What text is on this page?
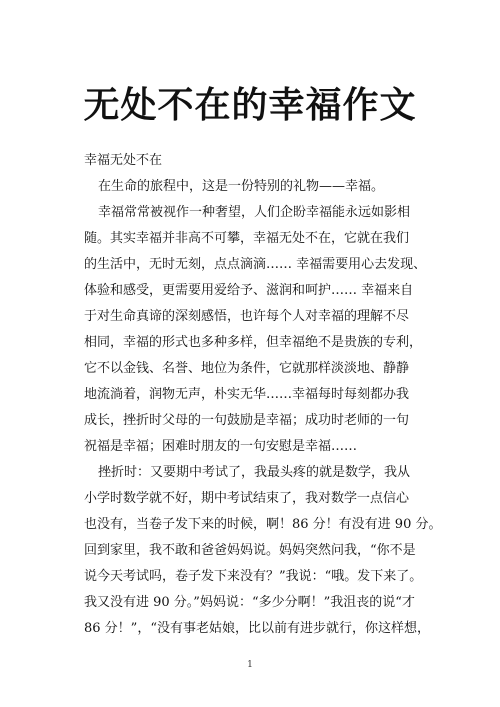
无处不在的幸福作文
幸福无处不在
在生命的旅程中，这是一份特别的礼物——幸福。
幸福常常被视作一种奢望，人们企盼幸福能永远如影相
随。其实幸福并非高不可攀，幸福无处不在，它就在我们
的生活中，无时无刻，点点滴滴…… 幸福需要用心去发现、
体验和感受，更需要用爱给予、滋润和呵护…… 幸福来自
于对生命真谛的深刻感悟，也许每个人对幸福的理解不尽
相同，幸福的形式也多种多样，但幸福绝不是贵族的专利，
它不以金钱、名誉、地位为条件，它就那样淡淡地、静静
地流淌着，润物无声，朴实无华……幸福每时每刻都办我
成长，挫折时父母的一句鼓励是幸福；成功时老师的一句
祝福是幸福；困难时朋友的一句安慰是幸福……
挫折时：又要期中考试了，我最头疼的就是数学，我从
小学时数学就不好，期中考试结束了，我对数学一点信心
也没有，当卷子发下来的时候，啊！86 分！有没有进 90 分。
回到家里，我不敢和爸爸妈妈说。妈妈突然问我，“你不是
说今天考试吗，卷子发下来没有？”我说：“哦。发下来了。
我又没有进 90 分。”妈妈说：“多少分啊！”我沮丧的说“才
86 分！”，“没有事老姑娘，比以前有进步就行，你这样想，
1
